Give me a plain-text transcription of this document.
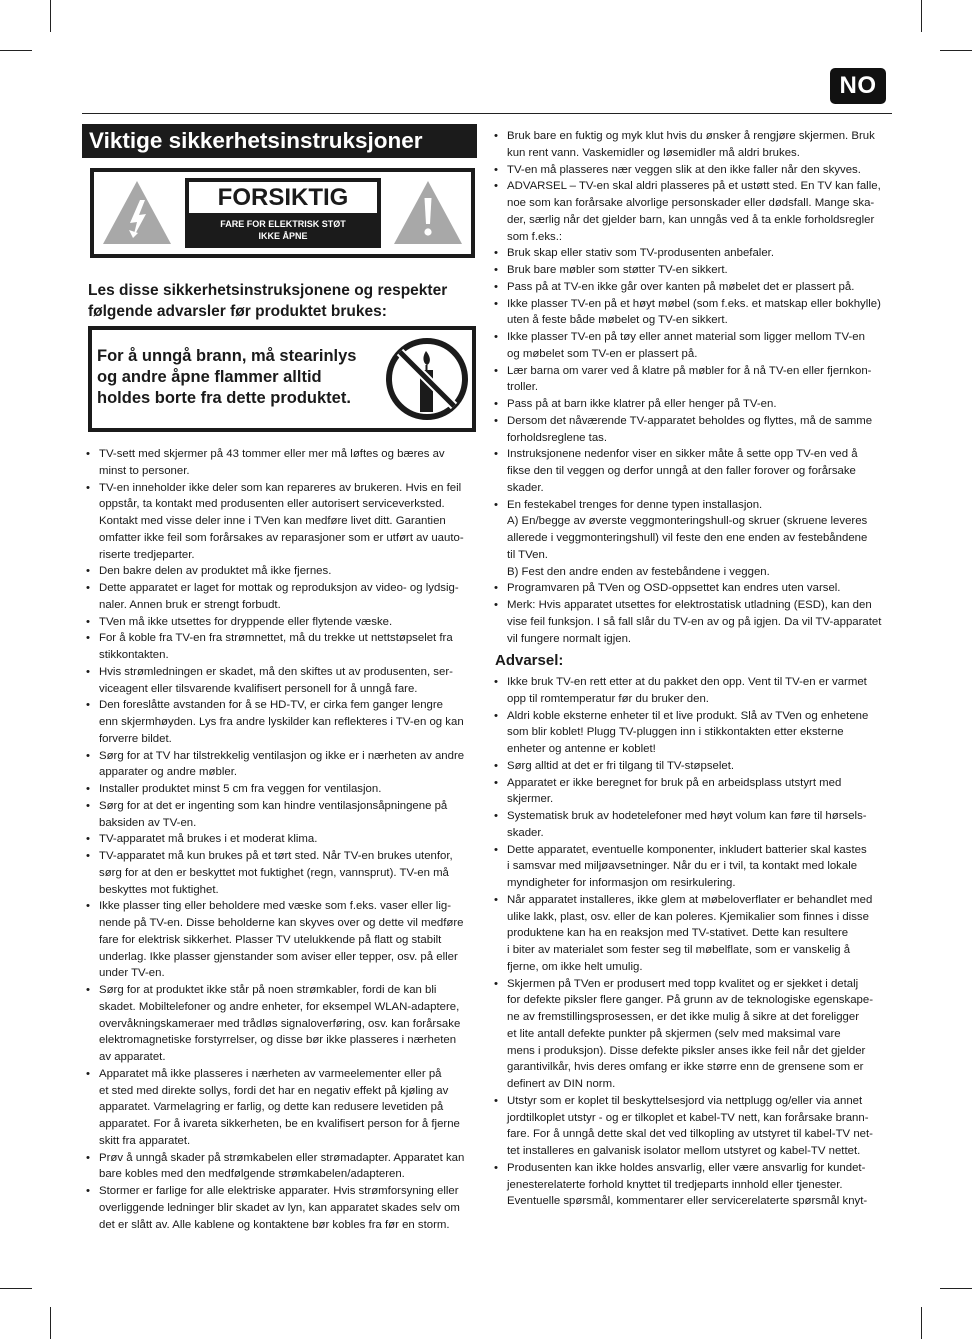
NO
Viktige sikkerhetsinstruksjoner
FORSIKTIG
FARE FOR ELEKTRISK STØT
IKKE ÅPNE
Les disse sikkerhetsinstruksjonene og respekter
følgende advarsler før produktet brukes:
For å unngå brann, må stearinlys
og andre åpne flammer alltid
holdes borte fra dette produktet.
• TV-sett med skjermer på 43 tommer eller mer må løftes og bæres av
minst to personer.
• TV-en inneholder ikke deler som kan repareres av brukeren. Hvis en feil
oppstår, ta kontakt med produsenten eller autorisert serviceverksted.
Kontakt med visse deler inne i TVen kan medføre livet ditt. Garantien
omfatter ikke feil som forårsakes av reparasjoner som er utført av uauto-
riserte tredjeparter.
• Den bakre delen av produktet må ikke fjernes.
• Dette apparatet er laget for mottak og reproduksjon av video- og lydsig-
naler. Annen bruk er strengt forbudt.
• TVen må ikke utsettes for dryppende eller flytende væske.
• For å koble fra TV-en fra strømnettet, må du trekke ut nettstøpselet fra
stikkontakten.
• Hvis strømledningen er skadet, må den skiftes ut av produsenten, ser-
viceagent eller tilsvarende kvalifisert personell for å unngå fare.
• Den foreslåtte avstanden for å se HD-TV, er cirka fem ganger lengre
enn skjermhøyden. Lys fra andre lyskilder kan reflekteres i TV-en og kan
forverre bildet.
• Sørg for at TV har tilstrekkelig ventilasjon og ikke er i nærheten av andre
apparater og andre møbler.
• Installer produktet minst 5 cm fra veggen for ventilasjon.
• Sørg for at det er ingenting som kan hindre ventilasjonsåpningene på
baksiden av TV-en.
• TV-apparatet må brukes i et moderat klima.
• TV-apparatet må kun brukes på et tørt sted. Når TV-en brukes utenfor,
sørg for at den er beskyttet mot fuktighet (regn, vannsprut). TV-en må
beskyttes mot fuktighet.
• Ikke plasser ting eller beholdere med væske som f.eks. vaser eller lig-
nende på TV-en. Disse beholderne kan skyves over og dette vil medføre
fare for elektrisk sikkerhet. Plasser TV utelukkende på flatt og stabilt
underlag. Ikke plasser gjenstander som aviser eller tepper, osv. på eller
under TV-en.
• Sørg for at produktet ikke står på noen strømkabler, fordi de kan bli
skadet. Mobiltelefoner og andre enheter, for eksempel WLAN-adaptere,
overvåkningskameraer med trådløs signaloverføring, osv. kan forårsake
elektromagnetiske forstyrrelser, og disse bør ikke plasseres i nærheten
av apparatet.
• Apparatet må ikke plasseres i nærheten av varmeelementer eller på
et sted med direkte sollys, fordi det har en negativ effekt på kjøling av
apparatet. Varmelagring er farlig, og dette kan redusere levetiden på
apparatet. For å ivareta sikkerheten, be en kvalifisert person for å fjerne
skitt fra apparatet.
• Prøv å unngå skader på strømkabelen eller strømadapter. Apparatet kan
bare kobles med den medfølgende strømkabelen/adapteren.
• Stormer er farlige for alle elektriske apparater. Hvis strømforsyning eller
overliggende ledninger blir skadet av lyn, kan apparatet skades selv om
det er slått av. Alle kablene og kontaktene bør kobles fra før en storm.
• Bruk bare en fuktig og myk klut hvis du ønsker å rengjøre skjermen. Bruk
kun rent vann. Vaskemidler og løsemidler må aldri brukes.
• TV-en må plasseres nær veggen slik at den ikke faller når den skyves.
• ADVARSEL – TV-en skal aldri plasseres på et ustøtt sted. En TV kan falle,
noe som kan forårsake alvorlige personskader eller dødsfall. Mange ska-
der, særlig når det gjelder barn, kan unngås ved å ta enkle forholdsregler
som f.eks.:
• Bruk skap eller stativ som TV-produsenten anbefaler.
• Bruk bare møbler som støtter TV-en sikkert.
• Pass på at TV-en ikke går over kanten på møbelet det er plassert på.
• Ikke plasser TV-en på et høyt møbel (som f.eks. et matskap eller bokhylle)
uten å feste både møbelet og TV-en sikkert.
• Ikke plasser TV-en på tøy eller annet material som ligger mellom TV-en
og møbelet som TV-en er plassert på.
• Lær barna om varer ved å klatre på møbler for å nå TV-en eller fjernkon-
troller.
• Pass på at barn ikke klatrer på eller henger på TV-en.
• Dersom det nåværende TV-apparatet beholdes og flyttes, må de samme
forholdsreglene tas.
• Instruksjonene nedenfor viser en sikker måte å sette opp TV-en ved å
fikse den til veggen og derfor unngå at den faller forover og forårsake
skader.
• En festekabel trenges for denne typen installasjon.
A) En/begge av øverste veggmonteringshull-og skruer (skruene leveres
allerede i veggmonteringshull) vil feste den ene enden av festebåndene
til TVen.
B) Fest den andre enden av festebåndene i veggen.
• Programvaren på TVen og OSD-oppsettet kan endres uten varsel.
• Merk: Hvis apparatet utsettes for elektrostatisk utladning (ESD), kan den
vise feil funksjon. I så fall slår du TV-en av og på igjen. Da vil TV-apparatet
vil fungere normalt igjen.
Advarsel:
• Ikke bruk TV-en rett etter at du pakket den opp. Vent til TV-en er varmet
opp til romtemperatur før du bruker den.
• Aldri koble eksterne enheter til et live produkt. Slå av TVen og enhetene
som blir koblet! Plugg TV-pluggen inn i stikkontakten etter eksterne
enheter og antenne er koblet!
• Sørg alltid at det er fri tilgang til TV-støpselet.
• Apparatet er ikke beregnet for bruk på en arbeidsplass utstyrt med
skjermer.
• Systematisk bruk av hodetelefoner med høyt volum kan føre til hørsels-
skader.
• Dette apparatet, eventuelle komponenter, inkludert batterier skal kastes
i samsvar med miljøavsetninger. Når du er i tvil, ta kontakt med lokale
myndigheter for informasjon om resirkulering.
• Når apparatet installeres, ikke glem at møbeloverflater er behandlet med
ulike lakk, plast, osv. eller de kan poleres. Kjemikalier som finnes i disse
produktene kan ha en reaksjon med TV-stativet. Dette kan resultere
i biter av materialet som fester seg til møbelflate, som er vanskelig å
fjerne, om ikke helt umulig.
• Skjermen på TVen er produsert med topp kvalitet og er sjekket i detalj
for defekte piksler flere ganger. På grunn av de teknologiske egenskape-
ne av fremstillingsprosessen, er det ikke mulig å sikre at det foreligger
et lite antall defekte punkter på skjermen (selv med maksimal vare
mens i produksjon). Disse defekte piksler anses ikke feil når det gjelder
garantivilkår, hvis deres omfang er ikke større enn de grensene som er
definert av DIN norm.
• Utstyr som er koplet til beskyttelsesjord via nettplugg og/eller via annet
jordtilkoplet utstyr - og er tilkoplet et kabel-TV nett, kan forårsake brann-
fare. For å unngå dette skal det ved tilkopling av utstyret til kabel-TV net-
tet installeres en galvanisk isolator mellom utstyret og kabel-TV nettet.
• Produsenten kan ikke holdes ansvarlig, eller være ansvarlig for kundet-
jenesterelaterte forhold knyttet til tredjeparts innhold eller tjenester.
Eventuelle spørsmål, kommentarer eller servicerelaterte spørsmål knyt-
